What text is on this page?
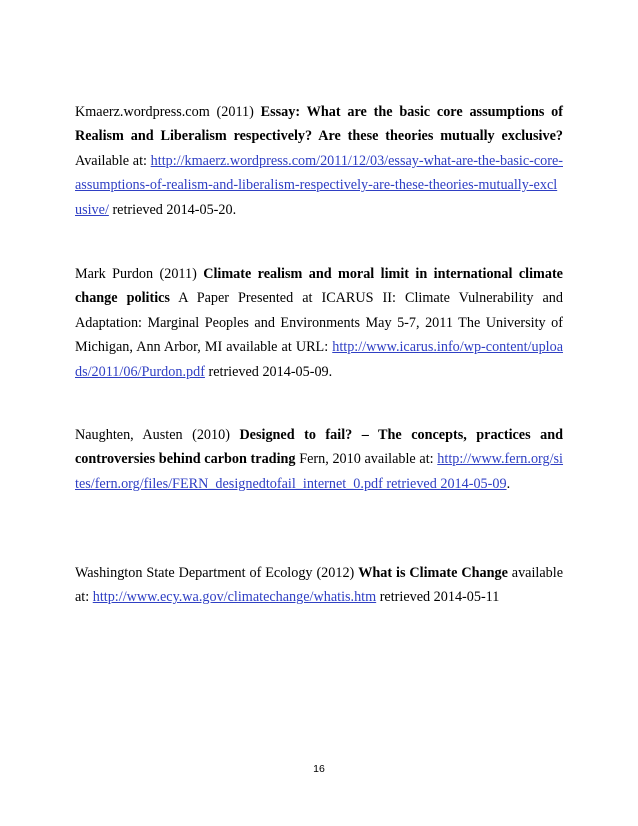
Kmaerz.wordpress.com (2011) Essay: What are the basic core assumptions of Realism and Liberalism respectively? Are these theories mutually exclusive? Available at: http://kmaerz.wordpress.com/2011/12/03/essay-what-are-the-basic-core-assumptions-of-realism-and-liberalism-respectively-are-these-theories-mutually-exclusive/ retrieved 2014-05-20.

Mark Purdon (2011) Climate realism and moral limit in international climate change politics A Paper Presented at ICARUS II: Climate Vulnerability and Adaptation: Marginal Peoples and Environments May 5-7, 2011 The University of Michigan, Ann Arbor, MI available at URL: http://www.icarus.info/wp-content/uploads/2011/06/Purdon.pdf retrieved 2014-05-09.

Naughten, Austen (2010) Designed to fail? – The concepts, practices and controversies behind carbon trading Fern, 2010 available at: http://www.fern.org/sites/fern.org/files/FERN_designedtofail_internet_0.pdf retrieved 2014-05-09.

Washington State Department of Ecology (2012) What is Climate Change available at: http://www.ecy.wa.gov/climatechange/whatis.htm retrieved 2014-05-11

16
